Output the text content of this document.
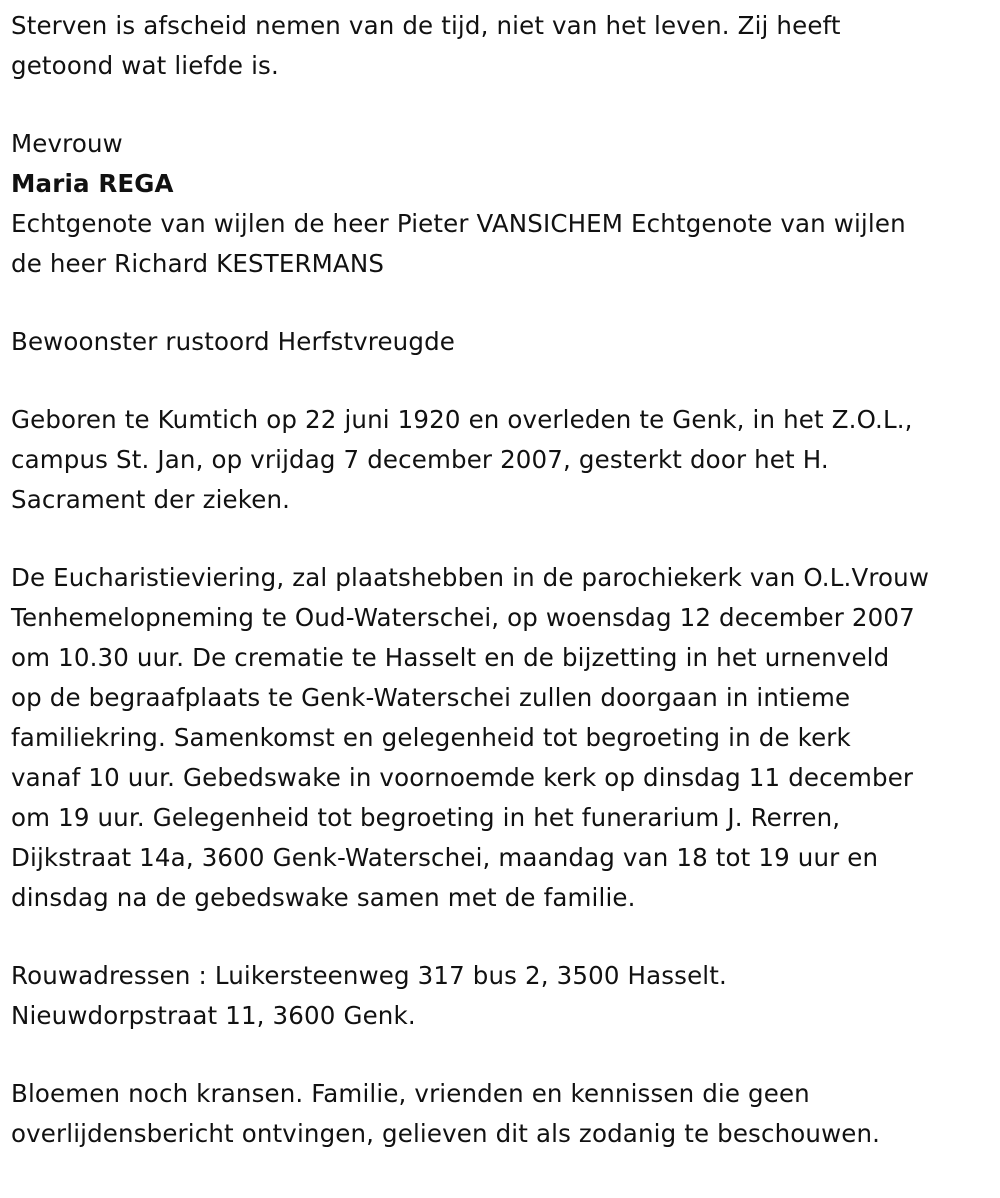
Sterven is afscheid nemen van de tijd, niet van het leven. Zij heeft
getoond wat liefde is.

Mevrouw

Maria REGA

Echtgenote van wijlen de heer Pieter VANSICHEM Echtgenote van wijlen
de heer Richard KESTERMANS

Bewoonster rustoord Herfstvreugde

Geboren te Kumtich op 22 juni 1920 en overleden te Genk, in het Z.O.L.,
campus St. Jan, op vrijdag 7 december 2007, gesterkt door het H.
Sacrament der zieken.

De Eucharistieviering, zal plaatshebben in de parochiekerk van O.L.Vrouw
Tenhemelopneming te Oud-Waterschei, op woensdag 12 december 2007
om 10.30 uur. De crematie te Hasselt en de bijzetting in het urnenveld
op de begraafplaats te Genk-Waterschei zullen doorgaan in intieme
familiekring. Samenkomst en gelegenheid tot begroeting in de kerk
vanaf 10 uur. Gebedswake in voornoemde kerk op dinsdag 11 december
om 19 uur. Gelegenheid tot begroeting in het funerarium J. Rerren,
Dijkstraat 14a, 3600 Genk-Waterschei, maandag van 18 tot 19 uur en
dinsdag na de gebedswake samen met de familie.

Rouwadressen : Luikersteenweg 317 bus 2, 3500 Hasselt.
Nieuwdorpstraat 11, 3600 Genk.

Bloemen noch kransen. Familie, vrienden en kennissen die geen
overlijdensbericht ontvingen, gelieven dit als zodanig te beschouwen.
